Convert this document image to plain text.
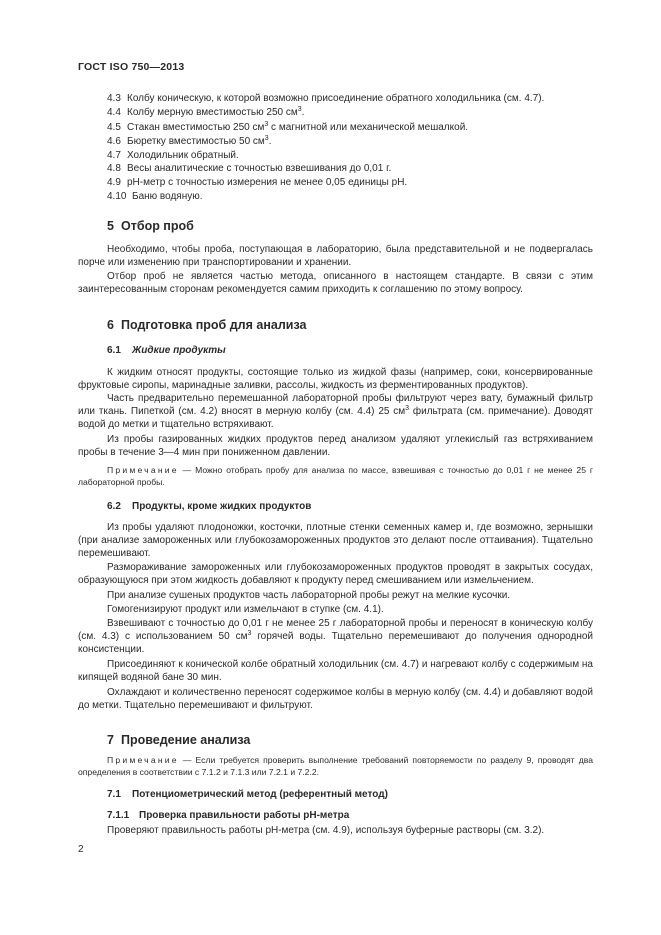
ГОСТ ISO 750—2013
4.3 Колбу коническую, к которой возможно присоединение обратного холодильника (см. 4.7).
4.4 Колбу мерную вместимостью 250 $см^3$.
4.5 Стакан вместимостью 250 $см^3$ с магнитной или механической мешалкой.
4.6 Бюретку вместимостью 50 $см^3$.
4.7 Холодильник обратный.
4.8 Весы аналитические с точностью взвешивания до 0,01 г.
4.9 рН-метр с точностью измерения не менее 0,05 единицы рН.
4.10 Баню водяную.
5 Отбор проб

Необходимо, чтобы проба, поступающая в лабораторию, была представительной и не подвергалась порче или изменению при транспортировании и хранении.

Отбор проб не является частью метода, описанного в настоящем стандарте. В связи с этим заинтересованным сторонам рекомендуется самим приходить к соглашению по этому вопросу.

6 Подготовка проб для анализа
6.1 Жидкие продукты

К жидким относят продукты, состоящие только из жидкой фазы (например, соки, консервированные фруктовые сиропы, маринадные заливки, рассолы, жидкость из ферментированных продуктов).

Часть предварительно перемешанной лабораторной пробы фильтруют через вату, бумажный фильтр или ткань. Пипеткой (см. 4.2) вносят в мерную колбу (см. 4.4) 25 $см^3$ фильтрата (см. примечание). Доводят водой до метки и тщательно встряхивают.

Из пробы газированных жидких продуктов перед анализом удаляют углекислый газ встряхиванием пробы в течение 3—4 мин при пониженном давлении.

Примечание — Можно отобрать пробу для анализа по массе, взвешивая с точностью до 0,01 г не менее 25 г лабораторной пробы.

6.2 Продукты, кроме жидких продуктов

Из пробы удаляют плодоножки, косточки, плотные стенки семенных камер и, где возможно, зернышки (при анализе замороженных или глубокозамороженных продуктов это делают после оттаивания). Тщательно перемешивают.

Размораживание замороженных или глубокозамороженных продуктов проводят в закрытых сосудах, образующуюся при этом жидкость добавляют к продукту перед смешиванием или измельчением.

При анализе сушеных продуктов часть лабораторной пробы режут на мелкие кусочки.

Гомогенизируют продукт или измельчают в ступке (см. 4.1).

Взвешивают с точностью до 0,01 г не менее 25 г лабораторной пробы и переносят в коническую колбу (см. 4.3) с использованием 50 $см^3$ горячей воды. Тщательно перемешивают до получения однородной консистенции.

Присоединяют к конической колбе обратный холодильник (см. 4.7) и нагревают колбу с содержимым на кипящей водяной бане 30 мин.

Охлаждают и количественно переносят содержимое колбы в мерную колбу (см. 4.4) и добавляют водой до метки. Тщательно перемешивают и фильтруют.

7 Проведение анализа

Примечание — Если требуется проверить выполнение требований повторяемости по разделу 9, проводят два определения в соответствии с 7.1.2 и 7.1.3 или 7.2.1 и 7.2.2.

7.1 Потенциометрический метод (референтный метод)
7.1.1 Проверка правильности работы рН-метра

Проверяют правильность работы рН-метра (см. 4.9), используя буферные растворы (см. 3.2).

2
